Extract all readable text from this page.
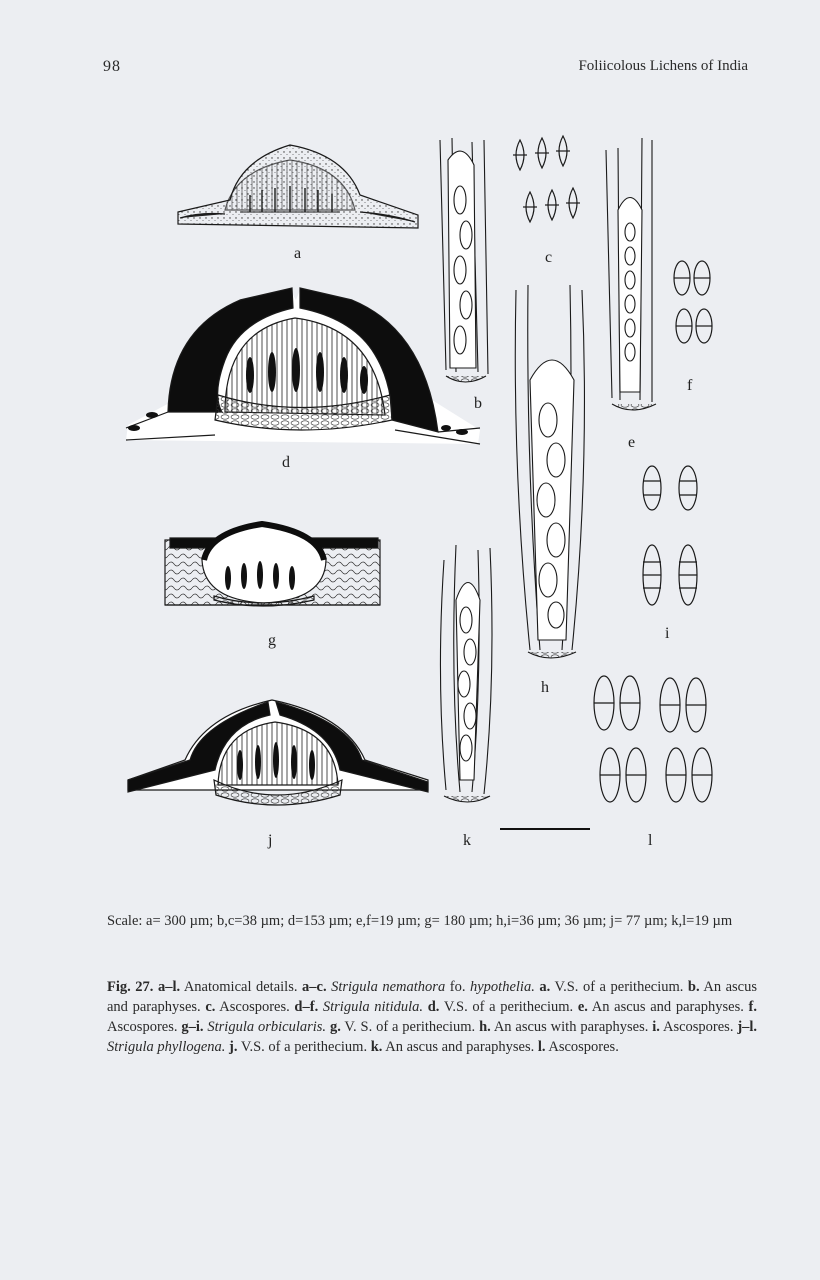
98	Foliicolous Lichens of India
a
b
c
d
e
f
g
h
i
j	k	l
Scale: a= 300 µm; b,c=38 µm; d=153 µm; e,f=19 µm; g= 180 µm; h,i=36 µm; 36 µm; j= 77 µm; k,l=19 µm
Fig. 27. a–l. Anatomical details. a–c. Strigula nemathora fo. hypothelia. a. V.S. of a perithecium. b. An ascus and paraphyses. c. Ascospores. d–f. Strigula nitidula. d. V.S. of a perithecium. e. An ascus and paraphyses. f. Ascospores. g–i. Strigula orbicularis. g. V. S. of a perithecium. h. An ascus with paraphyses. i. Ascospores. j–l. Strigula phyllogena. j. V.S. of a perithecium. k. An ascus and paraphyses. l. Ascospores.
